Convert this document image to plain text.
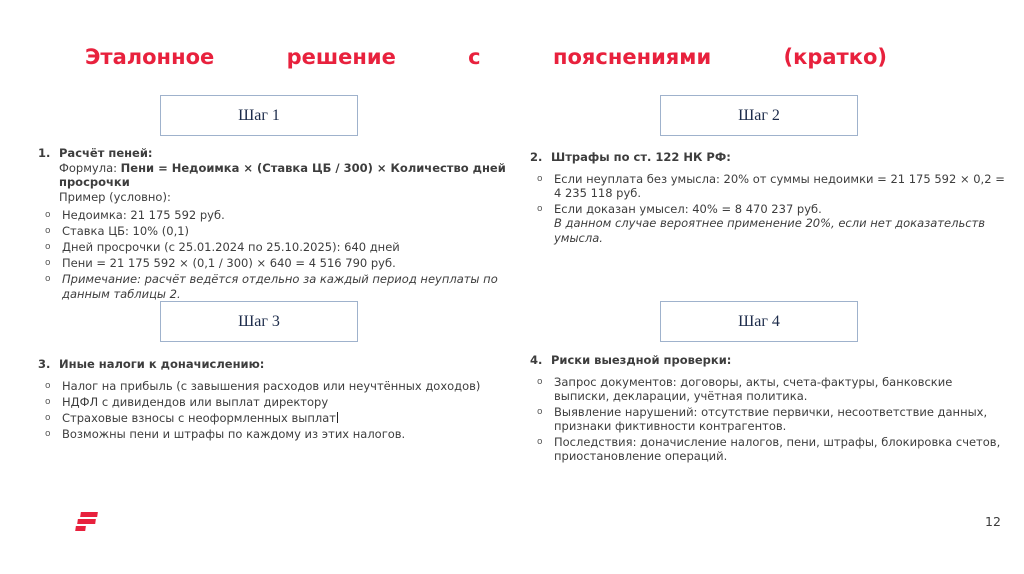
Эталонное решение с пояснениями (кратко)
Шаг 1	Шаг 2
Шаг 3	Шаг 4
1. Расчёт пеней:
Формула: Пени = Недоимка × (Ставка ЦБ / 300) × Количество дней просрочки
Пример (условно):
o Недоимка: 21 175 592 руб.
o Ставка ЦБ: 10% (0,1)
o Дней просрочки (с 25.01.2024 по 25.10.2025): 640 дней
o Пени = 21 175 592 × (0,1 / 300) × 640 = 4 516 790 руб.
o Примечание: расчёт ведётся отдельно за каждый период неуплаты по данным таблицы 2.
2. Штрафы по ст. 122 НК РФ:
o Если неуплата без умысла: 20% от суммы недоимки = 21 175 592 × 0,2 = 4 235 118 руб.
o Если доказан умысел: 40% = 8 470 237 руб.
В данном случае вероятнее применение 20%, если нет доказательств умысла.
3. Иные налоги к доначислению:
o Налог на прибыль (с завышения расходов или неучтённых доходов)
o НДФЛ с дивидендов или выплат директору
o Страховые взносы с неоформленных выплат
o Возможны пени и штрафы по каждому из этих налогов.
4. Риски выездной проверки:
o Запрос документов: договоры, акты, счета-фактуры, банковские выписки, декларации, учётная политика.
o Выявление нарушений: отсутствие первички, несоответствие данных, признаки фиктивности контрагентов.
o Последствия: доначисление налогов, пени, штрафы, блокировка счетов, приостановление операций.
12
